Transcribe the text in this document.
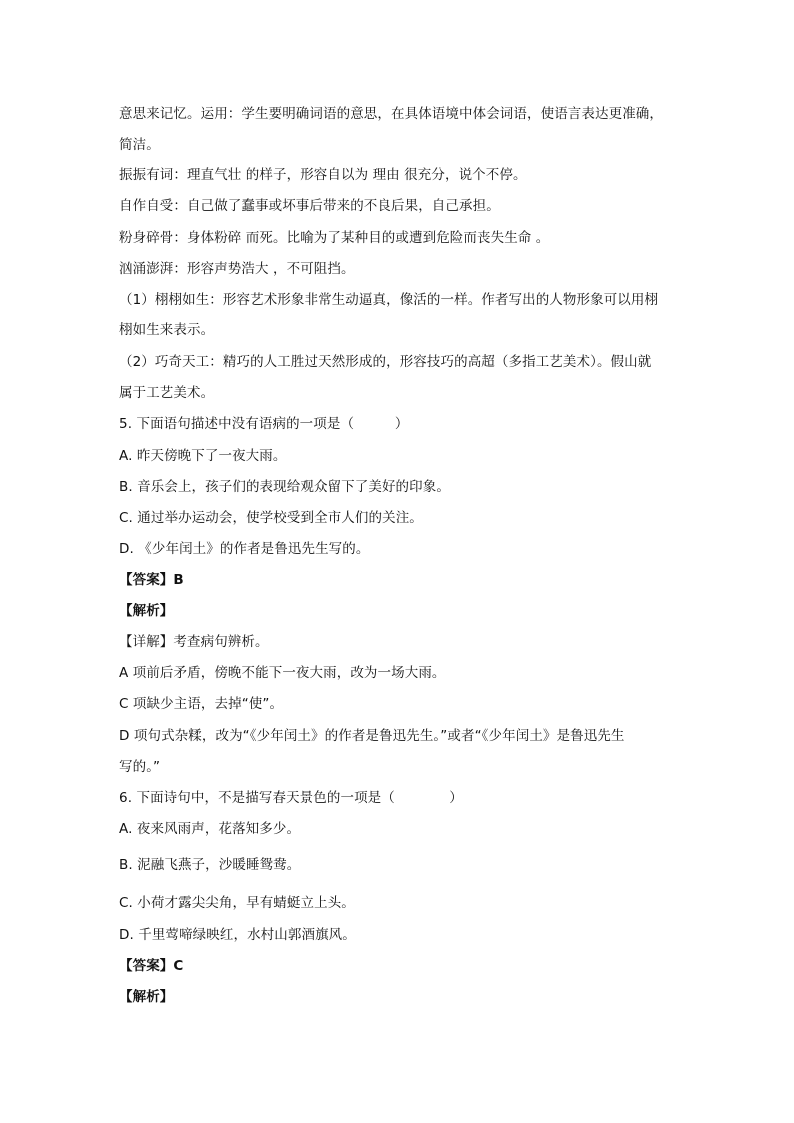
意思来记忆。运用：学生要明确词语的意思，在具体语境中体会词语，使语言表达更准确，
简洁。
振振有词：理直气壮 的样子，形容自以为 理由 很充分，说个不停。
自作自受：自己做了蠢事或坏事后带来的不良后果，自己承担。
粉身碎骨：身体粉碎 而死。比喻为了某种目的或遭到危险而丧失生命 。
汹涌澎湃：形容声势浩大 ，不可阻挡。
（1）栩栩如生：形容艺术形象非常生动逼真，像活的一样。作者写出的人物形象可以用栩
栩如生来表示。
（2）巧奇天工：精巧的人工胜过天然形成的，形容技巧的高超（多指工艺美术）。假山就
属于工艺美术。
5. 下面语句描述中没有语病的一项是（　　　）
A. 昨天傍晚下了一夜大雨。
B. 音乐会上，孩子们的表现给观众留下了美好的印象。
C. 通过举办运动会，使学校受到全市人们的关注。
D. 《少年闰土》的作者是鲁迅先生写的。
【答案】B
【解析】
【详解】考查病句辨析。
A 项前后矛盾，傍晚不能下一夜大雨，改为一场大雨。
C 项缺少主语，去掉“使”。
D 项句式杂糅，改为“《少年闰土》的作者是鲁迅先生。”或者“《少年闰土》是鲁迅先生
写的。”
6. 下面诗句中，不是描写春天景色的一项是（　　　　）
A. 夜来风雨声，花落知多少。
B. 泥融飞燕子，沙暖睡鸳鸯。
C. 小荷才露尖尖角，早有蜻蜓立上头。
D. 千里莺啼绿映红，水村山郭酒旗风。
【答案】C
【解析】
